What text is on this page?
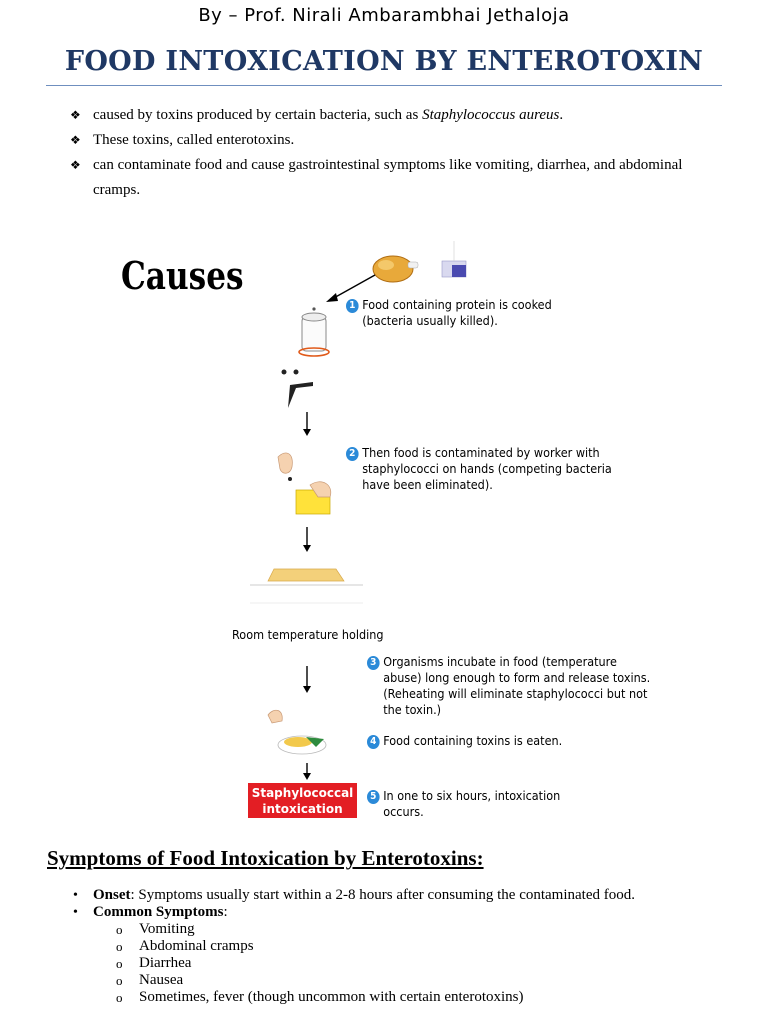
By – Prof. Nirali Ambarambhai Jethaloja
FOOD INTOXICATION BY ENTEROTOXIN
❖ caused by toxins produced by certain bacteria, such as Staphylococcus aureus.
❖ These toxins, called enterotoxins.
❖ can contaminate food and cause gastrointestinal symptoms like vomiting, diarrhea, and abdominal cramps.
Causes
1 Food containing protein is cooked
(bacteria usually killed).
2 Then food is contaminated by worker with
staphylococci on hands (competing bacteria
have been eliminated).
Room temperature holding
3 Organisms incubate in food (temperature
abuse) long enough to form and release toxins.
(Reheating will eliminate staphylococci but not
the toxin.)
4 Food containing toxins is eaten.
Staphylococcal
intoxication
5 In one to six hours, intoxication
occurs.
Symptoms of Food Intoxication by Enterotoxins:
•	Onset: Symptoms usually start within a 2-8 hours after consuming the contaminated food.
•	Common Symptoms:
o	Vomiting
o	Abdominal cramps
o	Diarrhea
o	Nausea
o	Sometimes, fever (though uncommon with certain enterotoxins)
